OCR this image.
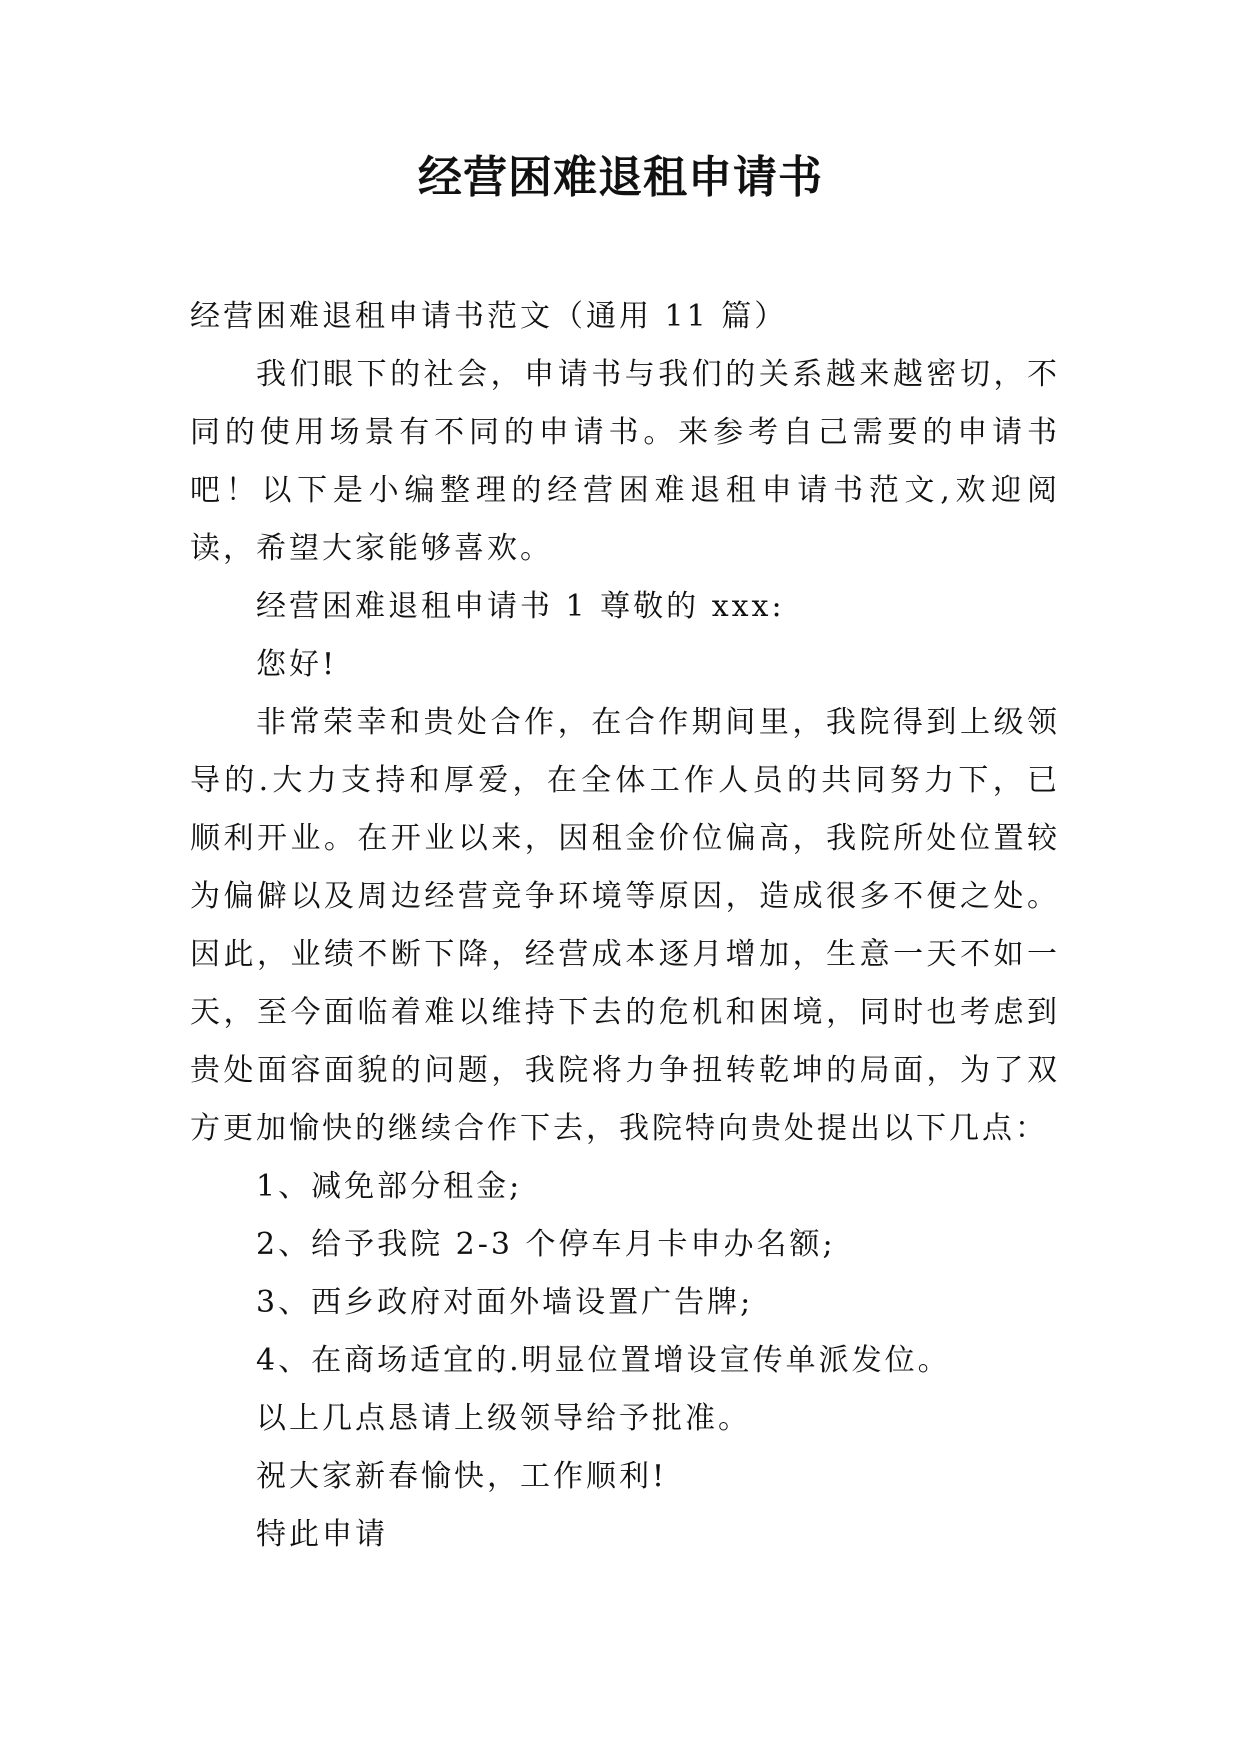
经营困难退租申请书

经营困难退租申请书范文（通用 11 篇）

我们眼下的社会，申请书与我们的关系越来越密切，不同的使用场景有不同的申请书。来参考自己需要的申请书吧！以下是小编整理的经营困难退租申请书范文,欢迎阅读，希望大家能够喜欢。

经营困难退租申请书 1 尊敬的 xxx:

您好!

非常荣幸和贵处合作，在合作期间里，我院得到上级领导的.大力支持和厚爱，在全体工作人员的共同努力下，已顺利开业。在开业以来，因租金价位偏高，我院所处位置较为偏僻以及周边经营竞争环境等原因，造成很多不便之处。因此，业绩不断下降，经营成本逐月增加，生意一天不如一天，至今面临着难以维持下去的危机和困境，同时也考虑到贵处面容面貌的问题，我院将力争扭转乾坤的局面，为了双方更加愉快的继续合作下去，我院特向贵处提出以下几点：

1、减免部分租金;

2、给予我院 2-3 个停车月卡申办名额;

3、西乡政府对面外墙设置广告牌;

4、在商场适宜的.明显位置增设宣传单派发位。

以上几点恳请上级领导给予批准。

祝大家新春愉快，工作顺利!

特此申请
